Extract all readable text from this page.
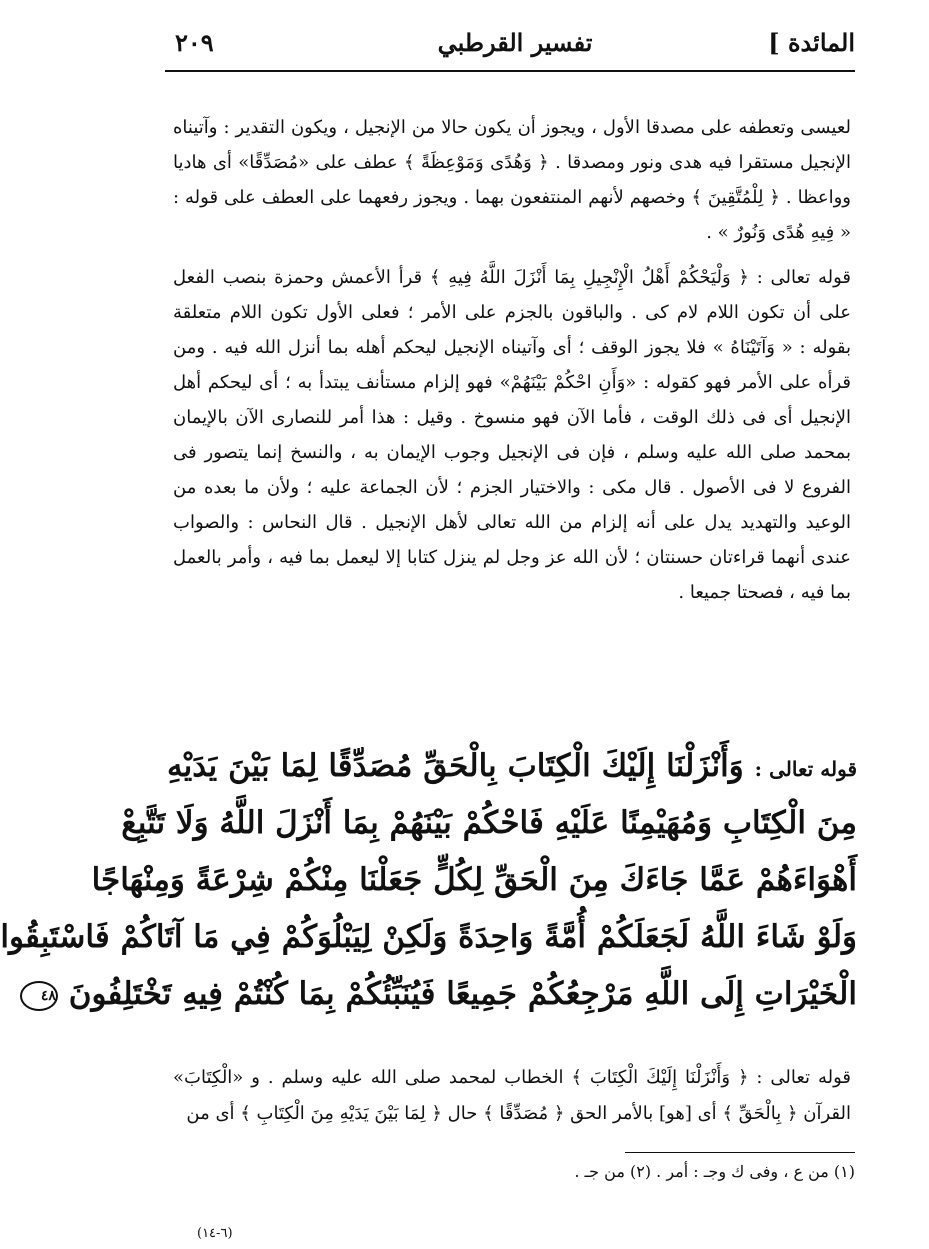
المائدة ]
تفسير القرطبي
٢٠٩

لعيسى وتعطفه على مصدقا الأول ، ويجوز أن يكون حالا من الإنجيل ، ويكون التقدير : وآتيناه الإنجيل مستقرا فيه هدى ونور ومصدقا . ﴿ وَهُدًى وَمَوْعِظَةً ﴾ عطف على «مُصَدِّقًا» أى هاديا وواعظا . ﴿ لِلْمُتَّقِينَ ﴾ وخصهم لأنهم المنتفعون بهما . ويجوز رفعهما على العطف على قوله : « فِيهِ هُدًى وَنُورٌ » .

قوله تعالى : ﴿ وَلْيَحْكُمْ أَهْلُ الْإِنْجِيلِ بِمَا أَنْزَلَ اللَّهُ فِيهِ ﴾ قرأ الأعمش وحمزة بنصب الفعل على أن تكون اللام لام كى . والباقون بالجزم على الأمر ؛ فعلى الأول تكون اللام متعلقة بقوله : « وَآتَيْنَاهُ » فلا يجوز الوقف ؛ أى وآتيناه الإنجيل ليحكم أهله بما أنزل الله فيه . ومن قرأه على الأمر فهو كقوله : «وَأَنِ احْكُمْ بَيْنَهُمْ» فهو إلزام مستأنف يبتدأ به ؛ أى ليحكم أهل الإنجيل أى فى ذلك الوقت ، فأما الآن فهو منسوخ . وقيل : هذا أمر للنصارى الآن بالإيمان بمحمد صلى الله عليه وسلم ، فإن فى الإنجيل وجوب الإيمان به ، والنسخ إنما يتصور فى الفروع لا فى الأصول . قال مكى : والاختيار الجزم ؛ لأن الجماعة عليه ؛ ولأن ما بعده من الوعيد والتهديد يدل على أنه إلزام من الله تعالى لأهل الإنجيل . قال النحاس : والصواب عندى أنهما قراءتان حسنتان ؛ لأن الله عز وجل لم ينزل كتابا إلا ليعمل بما فيه ، وأمر بالعمل بما فيه ، فصحتا جميعا .

قوله تعالى : وَأَنْزَلْنَا إِلَيْكَ الْكِتَابَ بِالْحَقِّ مُصَدِّقًا لِمَا بَيْنَ يَدَيْهِ
مِنَ الْكِتَابِ وَمُهَيْمِنًا عَلَيْهِ فَاحْكُمْ بَيْنَهُمْ بِمَا أَنْزَلَ اللَّهُ وَلَا تَتَّبِعْ
أَهْوَاءَهُمْ عَمَّا جَاءَكَ مِنَ الْحَقِّ لِكُلٍّ جَعَلْنَا مِنْكُمْ شِرْعَةً وَمِنْهَاجًا
وَلَوْ شَاءَ اللَّهُ لَجَعَلَكُمْ أُمَّةً وَاحِدَةً وَلَكِنْ لِيَبْلُوَكُمْ فِي مَا آتَاكُمْ فَاسْتَبِقُوا
الْخَيْرَاتِ إِلَى اللَّهِ مَرْجِعُكُمْ جَمِيعًا فَيُنَبِّئُكُمْ بِمَا كُنْتُمْ فِيهِ تَخْتَلِفُونَ ٤٨

قوله تعالى : ﴿ وَأَنْزَلْنَا إِلَيْكَ الْكِتَابَ ﴾ الخطاب لمحمد صلى الله عليه وسلم . و «الْكِتَابَ» القرآن ﴿ بِالْحَقِّ ﴾ أى [هو] بالأمر الحق ﴿ مُصَدِّقًا ﴾ حال ﴿ لِمَا بَيْنَ يَدَيْهِ مِنَ الْكِتَابِ ﴾ أى من

(١) من ع ، وفى ك وجـ : أمر . (٢) من جـ .
(٦-١٤)
